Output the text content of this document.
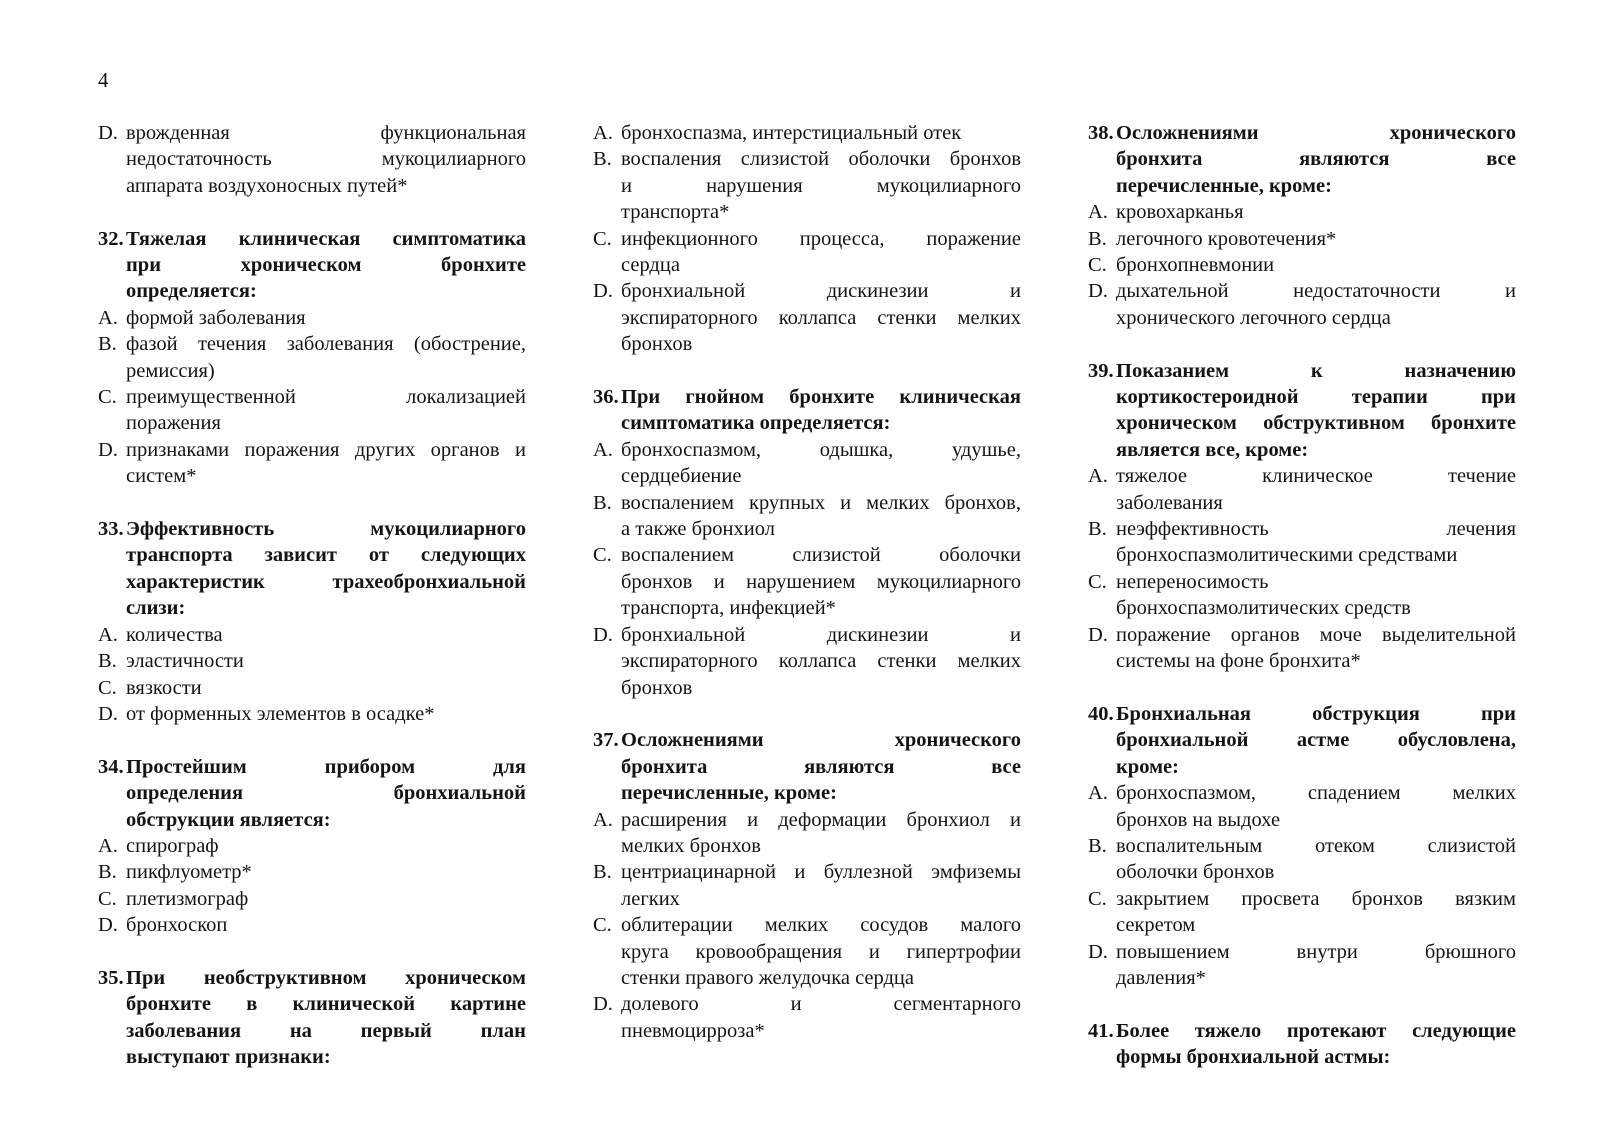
4
D. врожденная функциональная
недостаточность мукоцилиарного
аппарата воздухоносных путей*
32. Тяжелая клиническая симптоматика
при хроническом бронхите
определяется:
A. формой заболевания
B. фазой течения заболевания (обострение,
ремиссия)
C. преимущественной локализацией
поражения
D. признаками поражения других органов и
систем*
33. Эффективность мукоцилиарного
транспорта зависит от следующих
характеристик трахеобронхиальной
слизи:
A. количества
B. эластичности
C. вязкости
D. от форменных элементов в осадке*
34. Простейшим прибором для
определения бронхиальной
обструкции является:
A. спирограф
B. пикфлуометр*
C. плетизмограф
D. бронхоскоп
35. При необструктивном хроническом
бронхите в клинической картине
заболевания на первый план
выступают признаки:
A. бронхоспазма, интерстициальный отек
B. воспаления слизистой оболочки бронхов
и нарушения мукоцилиарного
транспорта*
C. инфекционного процесса, поражение
сердца
D. бронхиальной дискинезии и
экспираторного коллапса стенки мелких
бронхов
36. При гнойном бронхите клиническая
симптоматика определяется:
A. бронхоспазмом, одышка, удушье,
сердцебиение
B. воспалением крупных и мелких бронхов,
а также бронхиол
C. воспалением слизистой оболочки
бронхов и нарушением мукоцилиарного
транспорта, инфекцией*
D. бронхиальной дискинезии и
экспираторного коллапса стенки мелких
бронхов
37. Осложнениями хронического
бронхита являются все
перечисленные, кроме:
A. расширения и деформации бронхиол и
мелких бронхов
B. центриацинарной и буллезной эмфиземы
легких
C. облитерации мелких сосудов малого
круга кровообращения и гипертрофии
стенки правого желудочка сердца
D. долевого и сегментарного
пневмоцирроза*
38. Осложнениями хронического
бронхита являются все
перечисленные, кроме:
A. кровохарканья
B. легочного кровотечения*
C. бронхопневмонии
D. дыхательной недостаточности и
хронического легочного сердца
39. Показанием к назначению
кортикостероидной терапии при
хроническом обструктивном бронхите
является все, кроме:
A. тяжелое клиническое течение
заболевания
B. неэффективность лечения
бронхоспазмолитическими средствами
C. непереносимость
бронхоспазмолитических средств
D. поражение органов моче выделительной
системы на фоне бронхита*
40. Бронхиальная обструкция при
бронхиальной астме обусловлена,
кроме:
A. бронхоспазмом, спадением мелких
бронхов на выдохе
B. воспалительным отеком слизистой
оболочки бронхов
C. закрытием просвета бронхов вязким
секретом
D. повышением внутри брюшного
давления*
41. Более тяжело протекают следующие
формы бронхиальной астмы:
